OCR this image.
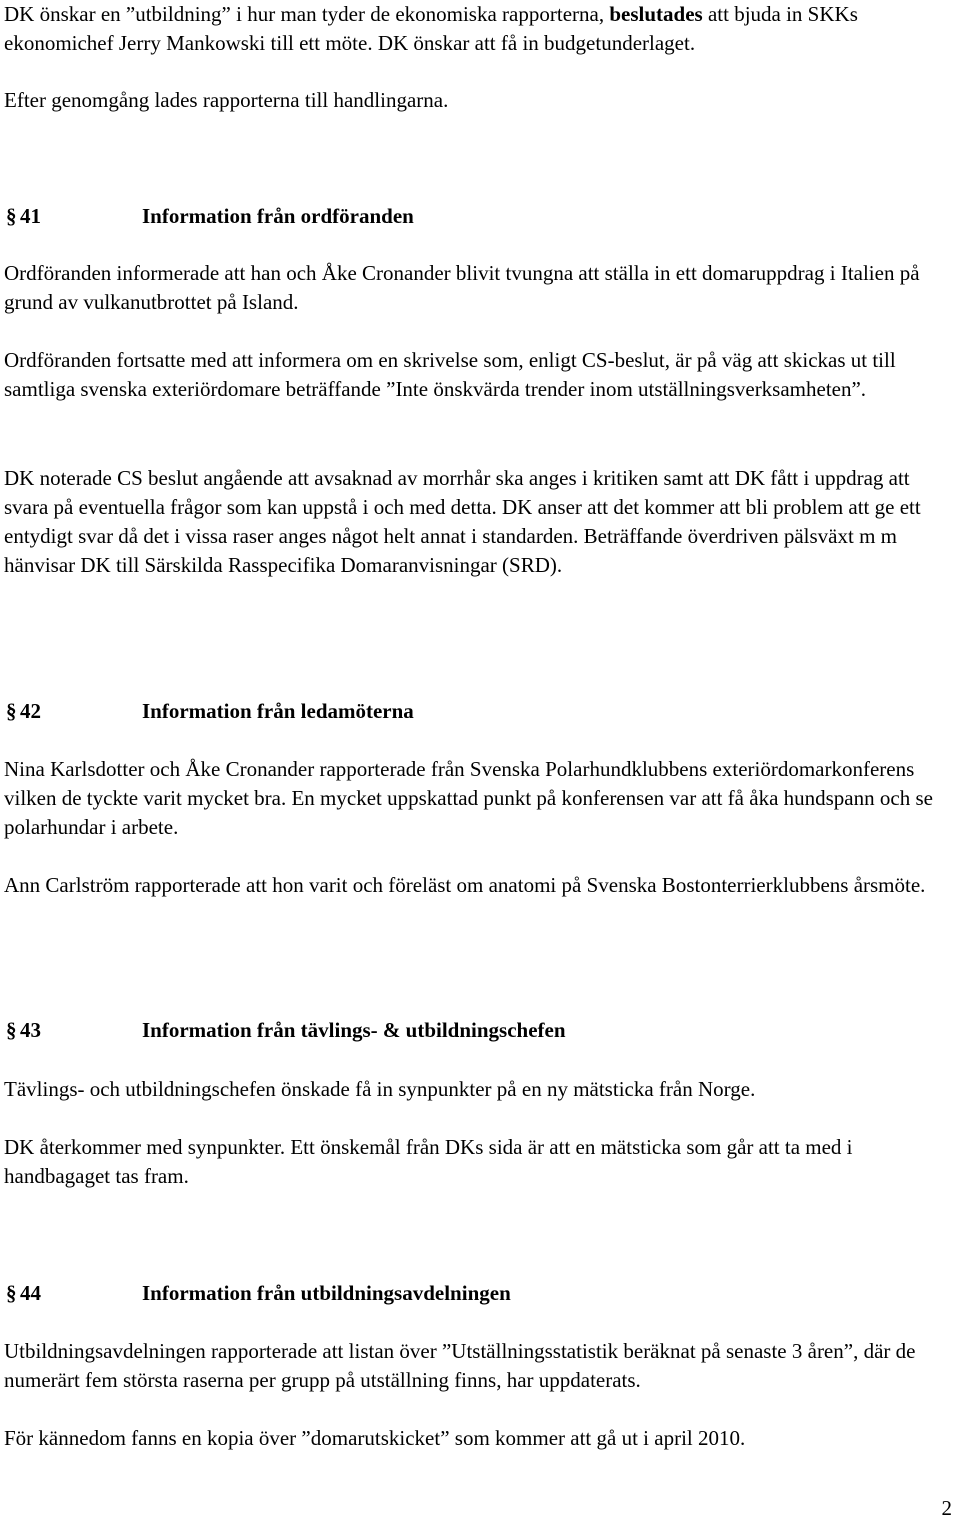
DK önskar en ”utbildning” i hur man tyder de ekonomiska rapporterna, beslutades att bjuda in SKKs ekonomichef Jerry Mankowski till ett möte. DK önskar att få in budgetunderlaget.

Efter genomgång lades rapporterna till handlingarna.

§ 41	Information från ordföranden

Ordföranden informerade att han och Åke Cronander blivit tvungna att ställa in ett domaruppdrag i Italien på grund av vulkanutbrottet på Island.

Ordföranden fortsatte med att informera om en skrivelse som, enligt CS-beslut, är på väg att skickas ut till samtliga svenska exteriördomare beträffande ”Inte önskvärda trender inom utställningsverksamheten”.

DK noterade CS beslut angående att avsaknad av morrhår ska anges i kritiken samt att DK fått i uppdrag att svara på eventuella frågor som kan uppstå i och med detta. DK anser att det kommer att bli problem att ge ett entydigt svar då det i vissa raser anges något helt annat i standarden. Beträffande överdriven pälsväxt m m hänvisar DK till Särskilda Rasspecifika Domaranvisningar (SRD).

§ 42	Information från ledamöterna

Nina Karlsdotter och Åke Cronander rapporterade från Svenska Polarhundklubbens exteriördomarkonferens vilken de tyckte varit mycket bra. En mycket uppskattad punkt på konferensen var att få åka hundspann och se polarhundar i arbete.

Ann Carlström rapporterade att hon varit och föreläst om anatomi på Svenska Bostonterrierklubbens årsmöte.

§ 43	Information från tävlings- & utbildningschefen

Tävlings- och utbildningschefen önskade få in synpunkter på en ny mätsticka från Norge.

DK återkommer med synpunkter. Ett önskemål från DKs sida är att en mätsticka som går att ta med i handbagaget tas fram.

§ 44	Information från utbildningsavdelningen

Utbildningsavdelningen rapporterade att listan över ”Utställningsstatistik beräknat på senaste 3 åren”, där de numerärt fem största raserna per grupp på utställning finns, har uppdaterats.

För kännedom fanns en kopia över ”domarutskicket” som kommer att gå ut i april 2010.

2
